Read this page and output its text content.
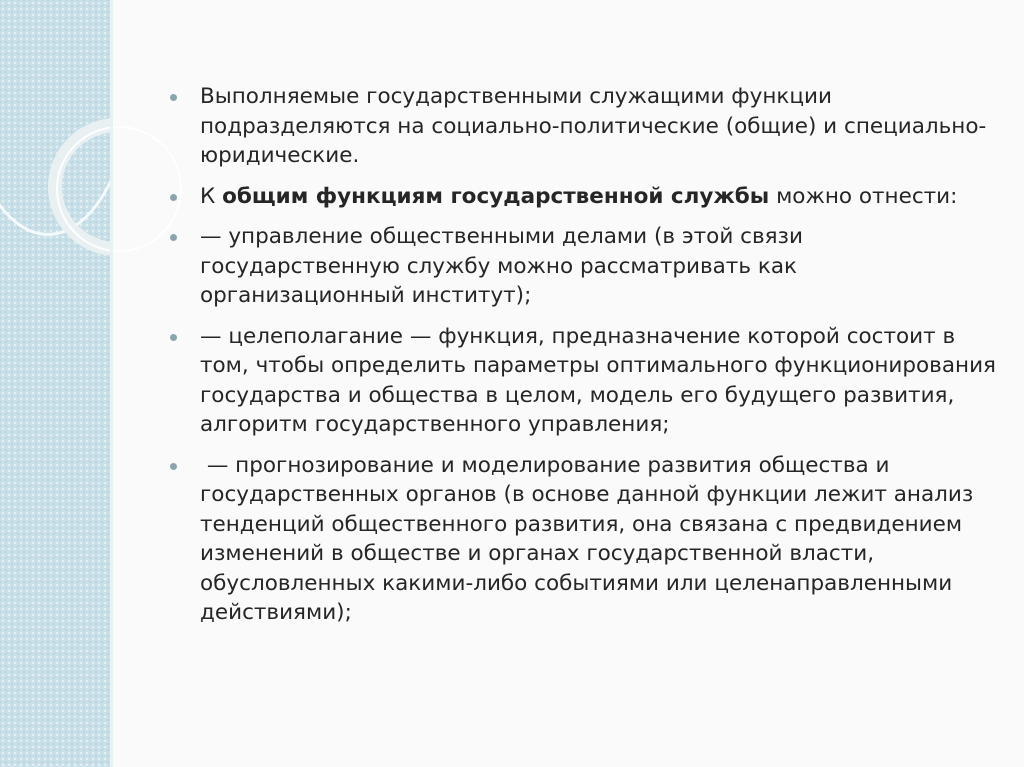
Выполняемые государственными служащими функции подразделяются на социально-политические (общие) и специально-юридические.
К общим функциям государственной службы можно отнести:
— управление общественными делами (в этой связи государственную службу можно рассматривать как организационный институт);
— целеполагание — функция, предназначение которой состоит в том, чтобы определить параметры оптимального функционирования государства и общества в целом, модель его будущего развития, алгоритм государственного управления;
— прогнозирование и моделирование развития общества и государственных органов (в основе данной функции лежит анализ тенденций общественного развития, она связана с предвидением изменений в обществе и органах государственной власти, обусловленных какими-либо событиями или целенаправленными действиями);
